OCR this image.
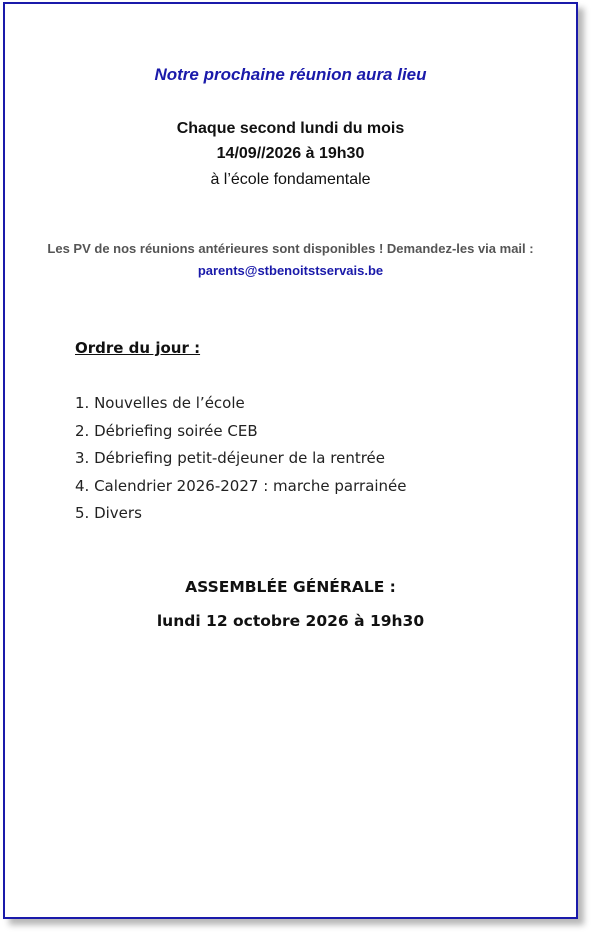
Notre prochaine réunion aura lieu
Chaque second lundi du mois
14/09//2026 à 19h30
à l’école fondamentale
Les PV de nos réunions antérieures sont disponibles ! Demandez-les via mail : parents@stbenoitstservais.be
Ordre du jour :
1. Nouvelles de l’école
2. Débriefing soirée CEB
3. Débriefing petit-déjeuner de la rentrée
4. Calendrier 2026-2027 : marche parrainée
5. Divers
ASSEMBLÉE GÉNÉRALE :
lundi 12 octobre 2026 à 19h30
